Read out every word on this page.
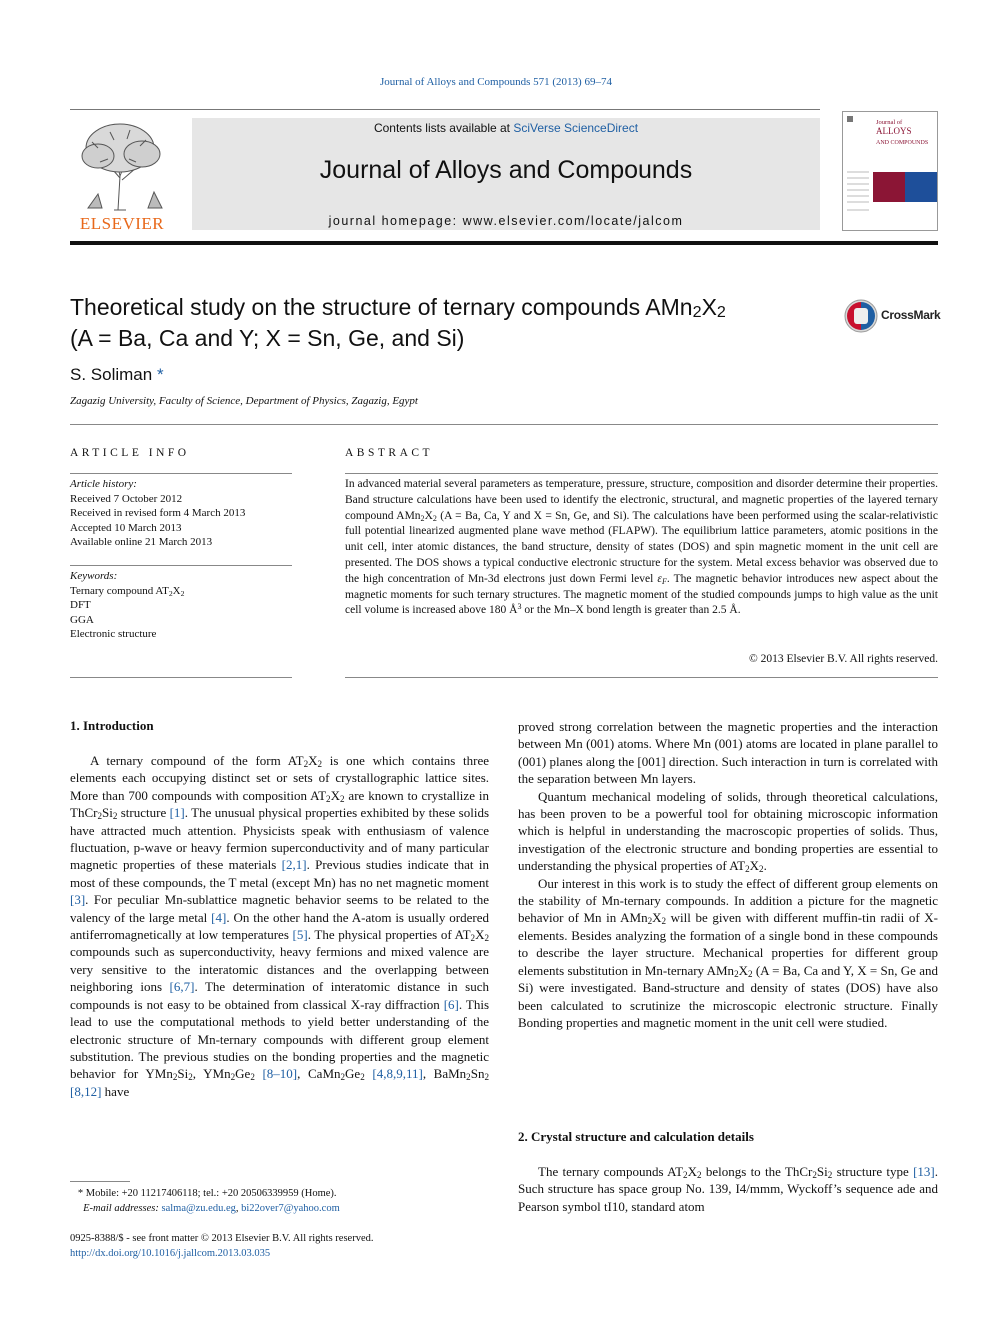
Journal of Alloys and Compounds 571 (2013) 69–74
ELSEVIER
Contents lists available at SciVerse ScienceDirect
Journal of Alloys and Compounds
journal homepage: www.elsevier.com/locate/jalcom
Journal of
ALLOYS
AND COMPOUNDS
Theoretical study on the structure of ternary compounds $AMn_2X_2$
(A = Ba, Ca and Y; X = Sn, Ge, and Si)
CrossMark
S. Soliman *
Zagazig University, Faculty of Science, Department of Physics, Zagazig, Egypt
ARTICLE INFO	ABSTRACT
Article history:
Received 7 October 2012
Received in revised form 4 March 2013
Accepted 10 March 2013
Available online 21 March 2013
Keywords:
Ternary compound $AT_2X_2$
DFT
GGA
Electronic structure
In advanced material several parameters as temperature, pressure, structure, composition and disorder determine their properties. Band structure calculations have been used to identify the electronic, structural, and magnetic properties of the layered ternary compound $AMn_2X_2$ (A = Ba, Ca, Y and X = Sn, Ge, and Si). The calculations have been performed using the scalar-relativistic full potential linearized augmented plane wave method (FLAPW). The equilibrium lattice parameters, atomic positions in the unit cell, inter atomic distances, the band structure, density of states (DOS) and spin magnetic moment in the unit cell are presented. The DOS shows a typical conductive electronic structure for the system. Metal excess behavior was observed due to the high concentration of Mn-3d electrons just down Fermi level $\varepsilon_F$. The magnetic behavior introduces new aspect about the magnetic moments for such ternary structures. The magnetic moment of the studied compounds jumps to high value as the unit cell volume is increased above 180 $Å^3$ or the Mn–X bond length is greater than 2.5 Å.
© 2013 Elsevier B.V. All rights reserved.
1. Introduction

A ternary compound of the form $AT_2X_2$ is one which contains three elements each occupying distinct set or sets of crystallographic lattice sites. More than 700 compounds with composition $AT_2X_2$ are known to crystallize in $ThCr_2Si_2$ structure [1]. The unusual physical properties exhibited by these solids have attracted much attention. Physicists speak with enthusiasm of valence fluctuation, p-wave or heavy fermion superconductivity and of many particular magnetic properties of these materials [2,1]. Previous studies indicate that in most of these compounds, the T metal (except Mn) has no net magnetic moment [3]. For peculiar Mn-sublattice magnetic behavior seems to be related to the valency of the large metal [4]. On the other hand the A-atom is usually ordered antiferromagnetically at low temperatures [5]. The physical properties of $AT_2X_2$ compounds such as superconductivity, heavy fermions and mixed valence are very sensitive to the interatomic distances and the overlapping between neighboring ions [6,7]. The determination of interatomic distance in such compounds is not easy to be obtained from classical X-ray diffraction [6]. This lead to use the computational methods to yield better understanding of the electronic structure of Mn-ternary compounds with different group element substitution. The previous studies on the bonding properties and the magnetic behavior for $YMn_2Si_2$, $YMn_2Ge_2$ [8–10], $CaMn_2Ge_2$ [4,8,9,11], $BaMn_2Sn_2$ [8,12] have

proved strong correlation between the magnetic properties and the interaction between Mn (001) atoms. Where Mn (001) atoms are located in plane parallel to (001) planes along the [001] direction. Such interaction in turn is correlated with the separation between Mn layers.

Quantum mechanical modeling of solids, through theoretical calculations, has been proven to be a powerful tool for obtaining microscopic information which is helpful in understanding the macroscopic properties of solids. Thus, investigation of the electronic structure and bonding properties are essential to understanding the physical properties of $AT_2X_2$.

Our interest in this work is to study the effect of different group elements on the stability of Mn-ternary compounds. In addition a picture for the magnetic behavior of Mn in $AMn_2X_2$ will be given with different muffin-tin radii of X-elements. Besides analyzing the formation of a single bond in these compounds to describe the layer structure. Mechanical properties for different group elements substitution in Mn-ternary $AMn_2X_2$ (A = Ba, Ca and Y, X = Sn, Ge and Si) were investigated. Band-structure and density of states (DOS) have also been calculated to scrutinize the microscopic electronic structure. Finally Bonding properties and magnetic moment in the unit cell were studied.

2. Crystal structure and calculation details

The ternary compounds $AT_2X_2$ belongs to the $ThCr_2Si_2$ structure type [13]. Such structure has space group No. 139, I4/mmm, Wyckoff’s sequence ade and Pearson symbol tI10, standard atom

* Mobile: +20 11217406118; tel.: +20 20506339959 (Home).
E-mail addresses: salma@zu.edu.eg, bi22over7@yahoo.com
0925-8388/$ - see front matter © 2013 Elsevier B.V. All rights reserved.
http://dx.doi.org/10.1016/j.jallcom.2013.03.035
